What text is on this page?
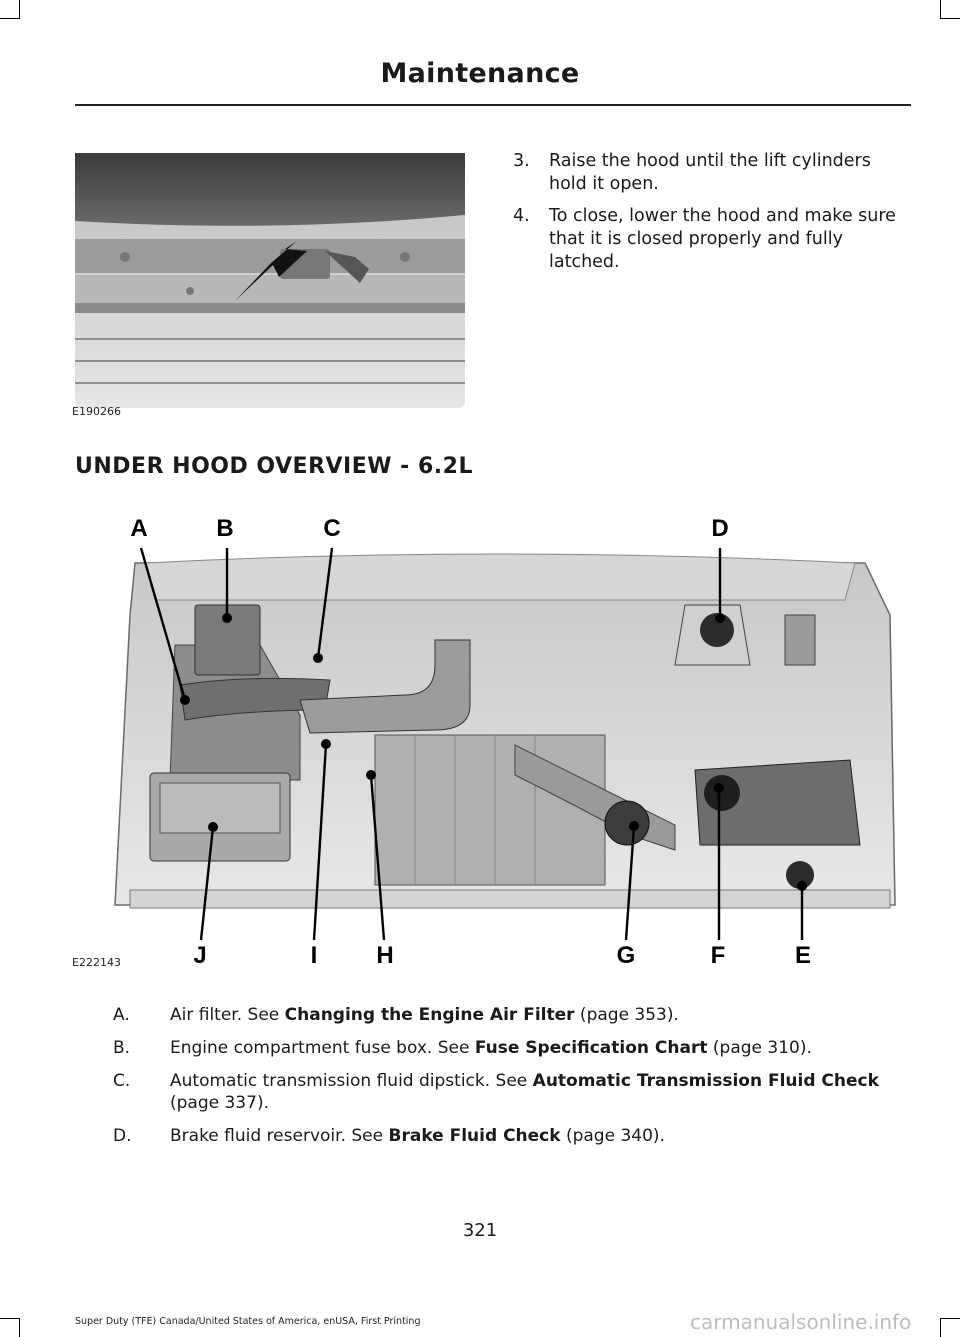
Maintenance
E190266
3. Raise the hood until the lift cylinders hold it open.
4. To close, lower the hood and make sure that it is closed properly and fully latched.
UNDER HOOD OVERVIEW - 6.2L
A	B	C	D
J	I H	G	F	E
E222143
A. Air filter. See Changing the Engine Air Filter (page 353).
B. Engine compartment fuse box. See Fuse Specification Chart (page 310).
C. Automatic transmission fluid dipstick. See Automatic Transmission Fluid Check (page 337).
D. Brake fluid reservoir. See Brake Fluid Check (page 340).
321
Super Duty (TFE) Canada/United States of America, enUSA, First Printing	carmanualsonline.info
